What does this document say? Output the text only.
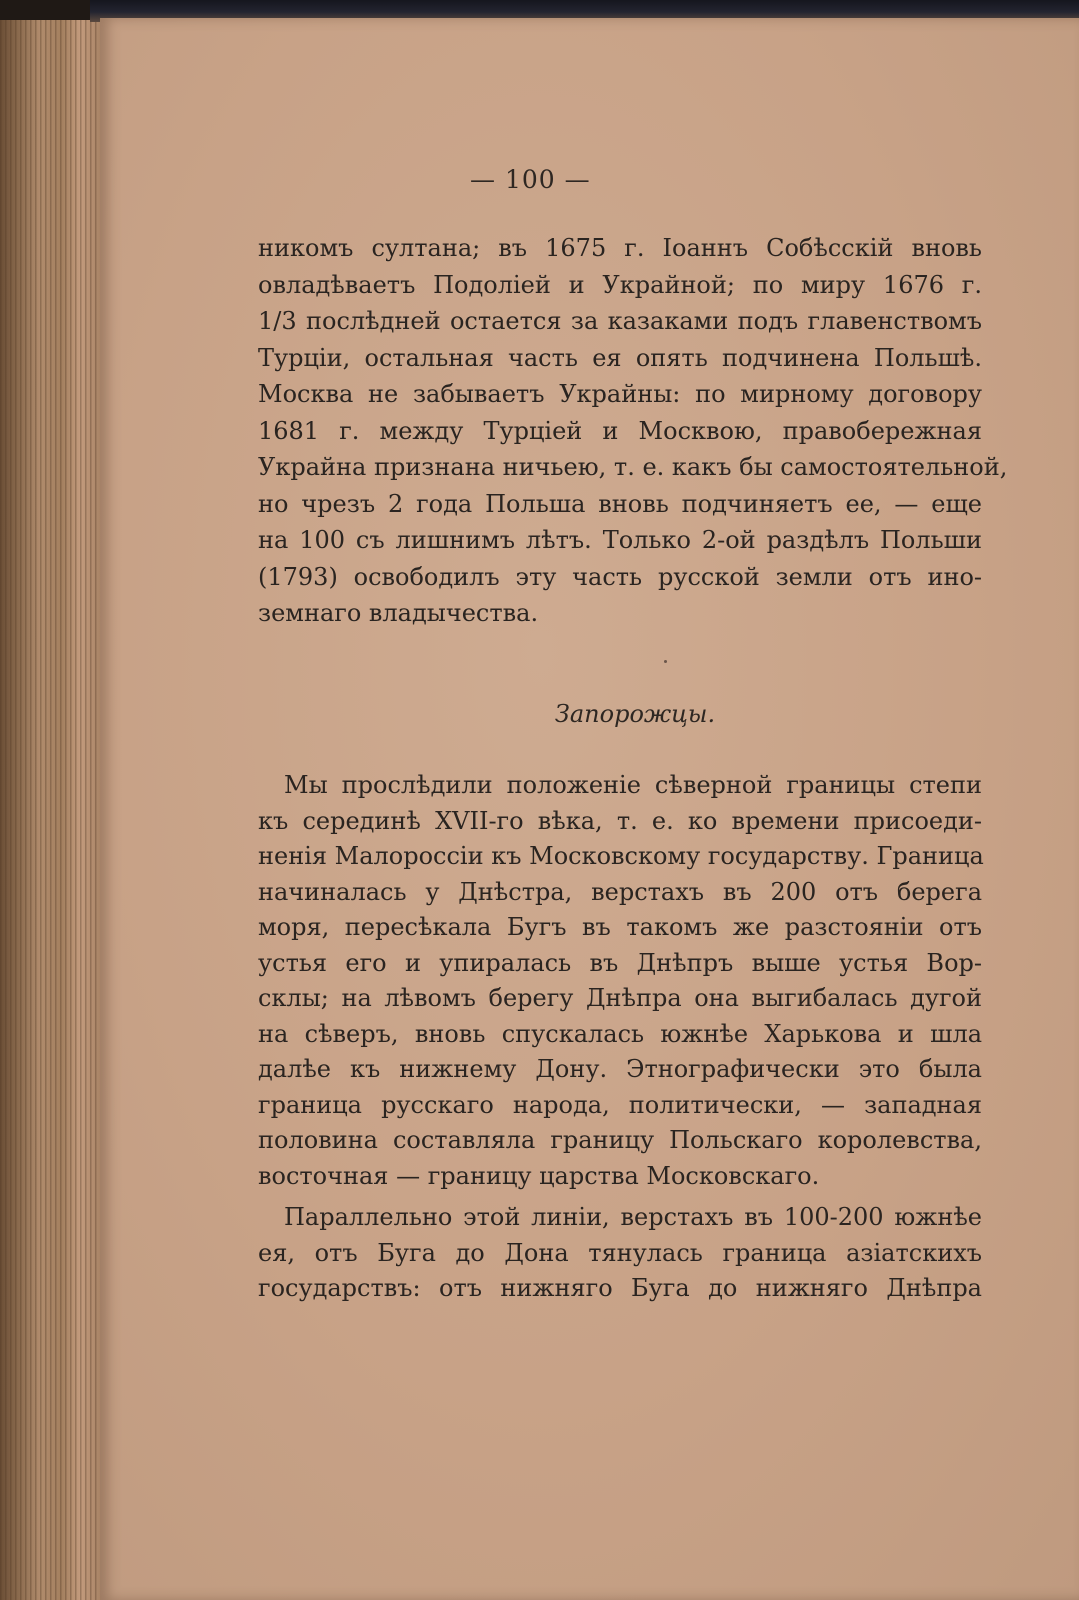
— 100 —
никомъ султана; въ 1675 г. Іоаннъ Собѣсскій вновь
овладѣваетъ Подоліей и Украйной; по миру 1676 г.
1/3 послѣдней остается за казаками подъ главенствомъ
Турціи, остальная часть ея опять подчинена Польшѣ.
Москва не забываетъ Украйны: по мирному договору
1681 г. между Турціей и Москвою, правобережная
Украйна признана ничьею, т. е. какъ бы самостоятельной,
но чрезъ 2 года Польша вновь подчиняетъ ее, — еще
на 100 съ лишнимъ лѣтъ. Только 2-ой раздѣлъ Польши
(1793) освободилъ эту часть русской земли отъ ино-
земнаго владычества.
Запорожцы.
Мы прослѣдили положеніе сѣверной границы степи
къ серединѣ XVII-го вѣка, т. е. ко времени присоеди-
ненія Малороссіи къ Московскому государству. Граница
начиналась у Днѣстра, верстахъ въ 200 отъ берега
моря, пересѣкала Бугъ въ такомъ же разстояніи отъ
устья его и упиралась въ Днѣпръ выше устья Вор-
склы; на лѣвомъ берегу Днѣпра она выгибалась дугой
на сѣверъ, вновь спускалась южнѣе Харькова и шла
далѣе къ нижнему Дону. Этнографически это была
граница русскаго народа, политически, — западная
половина составляла границу Польскаго королевства,
восточная — границу царства Московскаго.
Параллельно этой линіи, верстахъ въ 100-200 южнѣе
ея, отъ Буга до Дона тянулась граница азіатскихъ
государствъ: отъ нижняго Буга до нижняго Днѣпра
